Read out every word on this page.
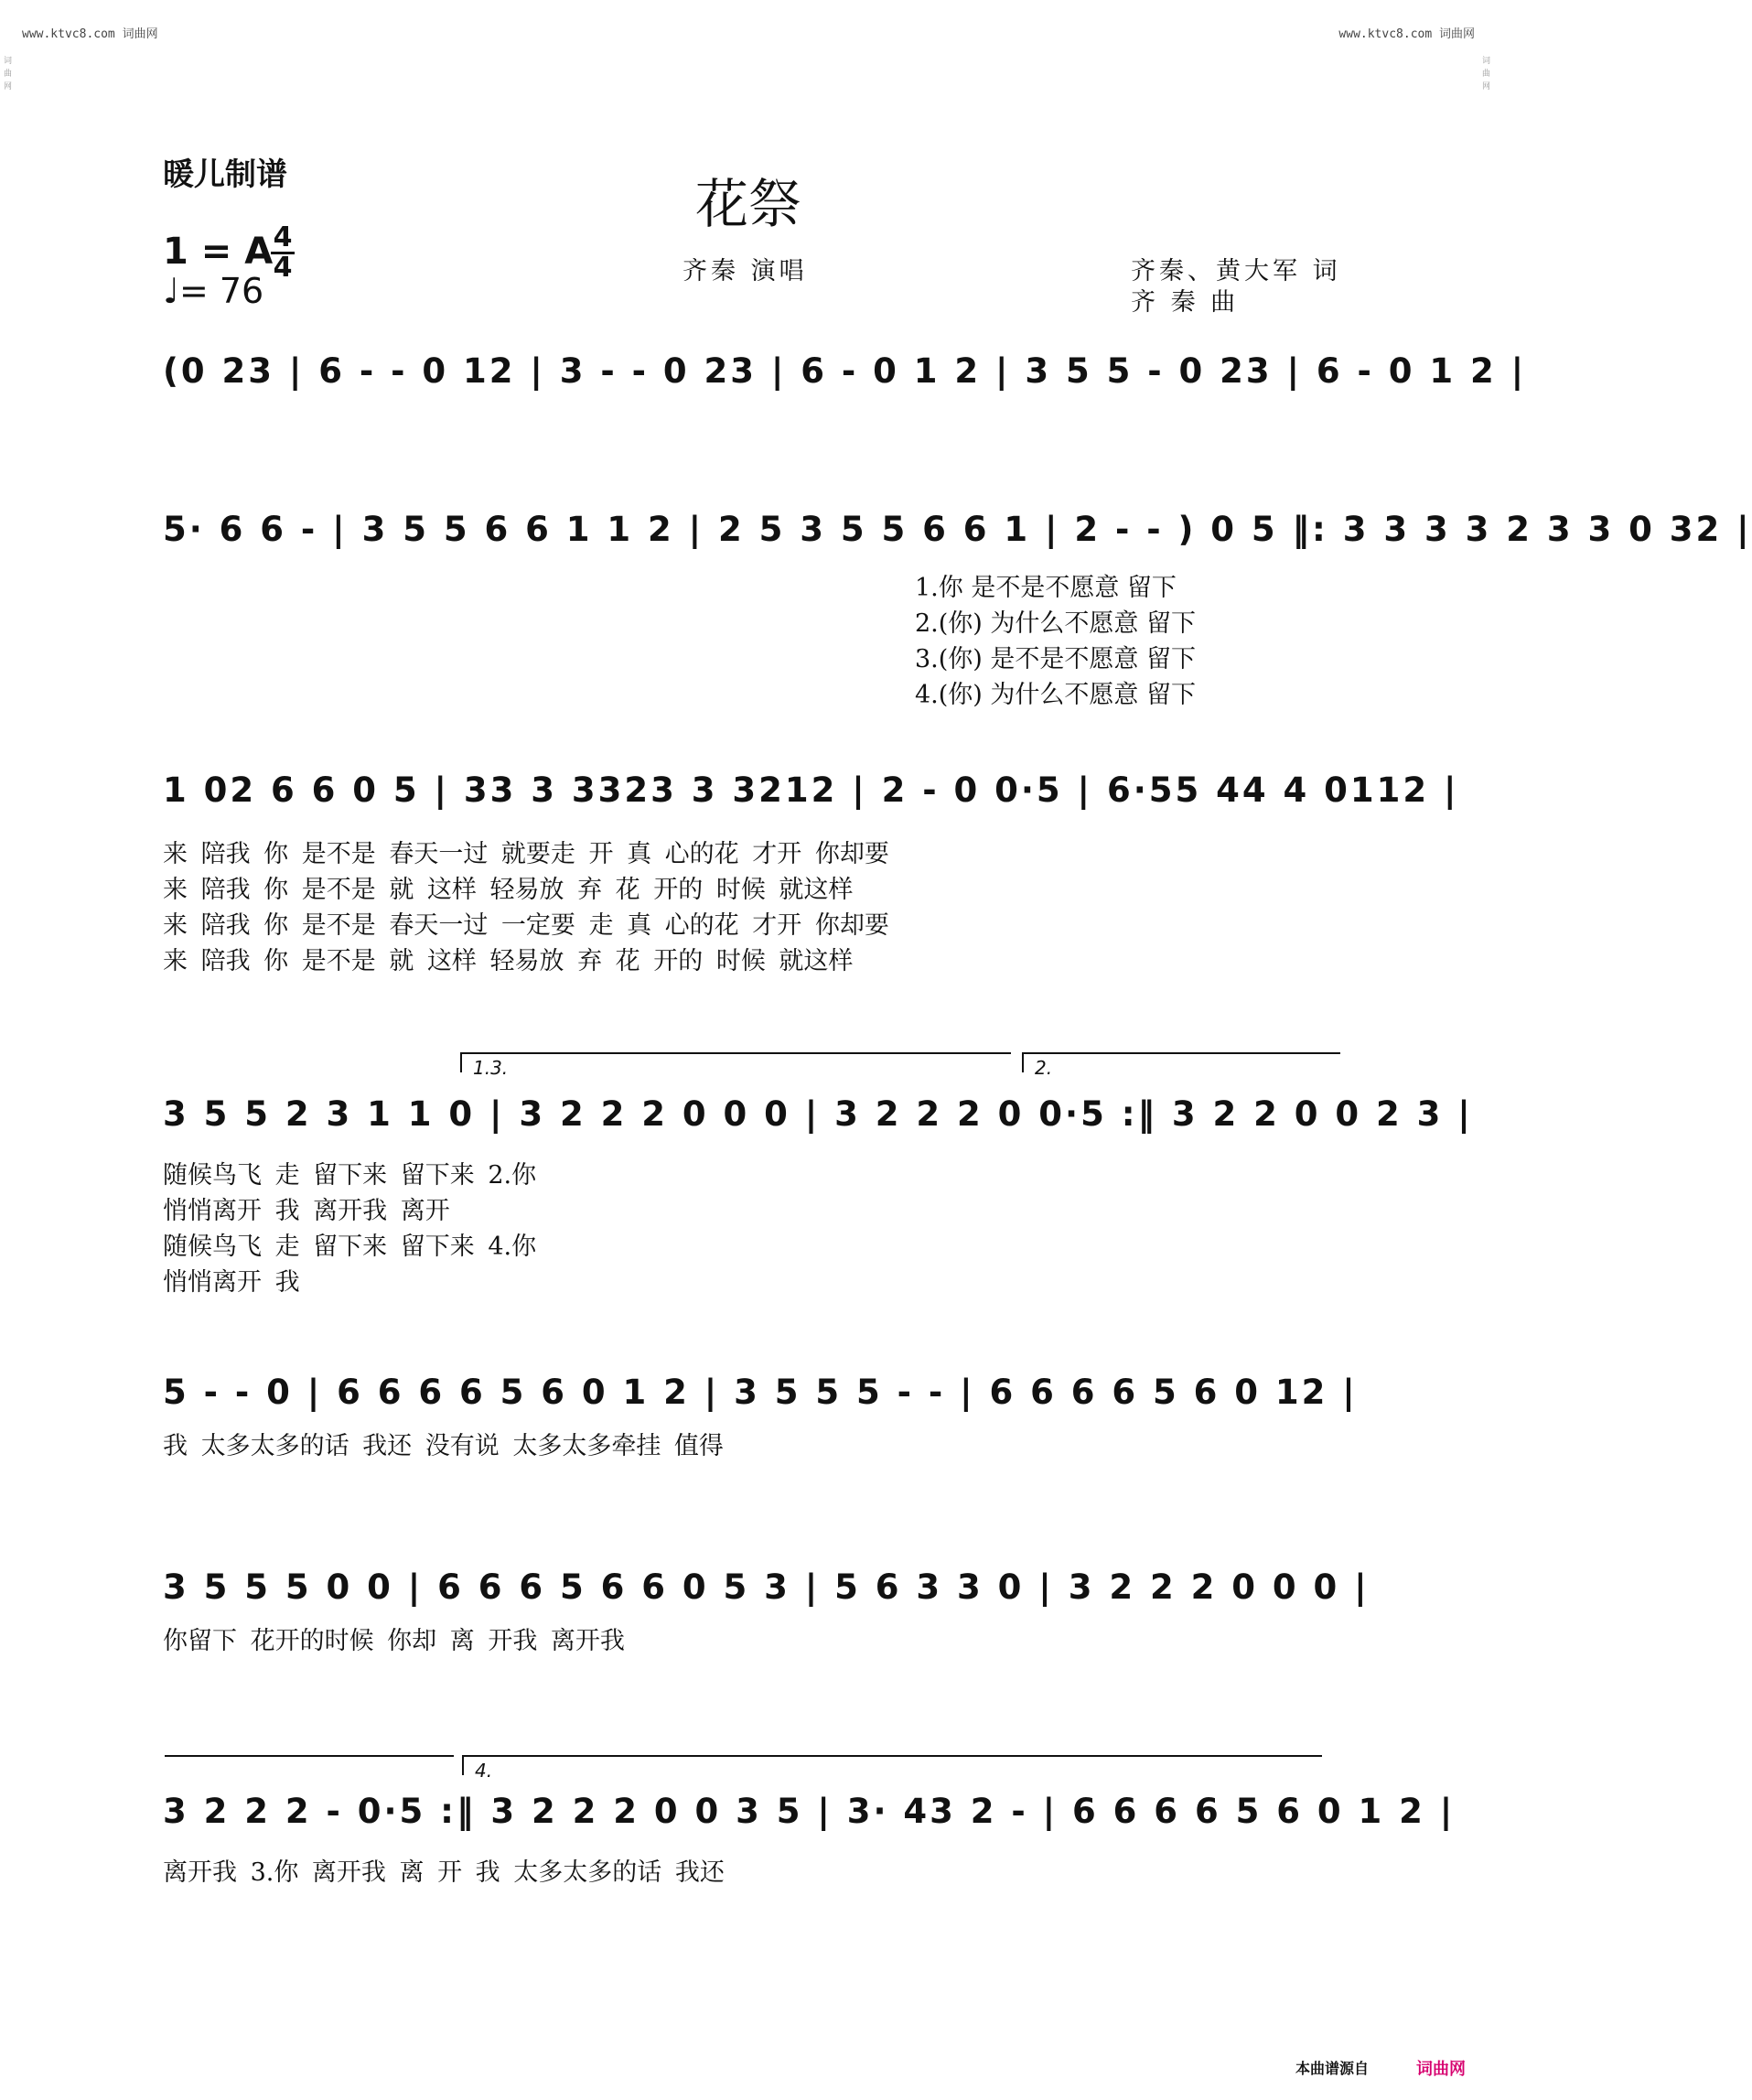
www.ktvc8.com 词曲网	www.ktvc8.com 词曲网
词曲网
词曲网
暖儿制谱	花祭
齐秦 演唱	齐秦、黄大军 词
齐 秦 曲
1 = A 4
4
♩= 76
(0 23 | 6 - - 0 12 | 3 - - 0 23 | 6 - 0 1 2 | 3 5 5 - 0 23 | 6 - 0 1 2 |
5· 6 6 - | 3 5 5 6 6 1 1 2 | 2 5 3 5 5 6 6 1 | 2 - - ) 0 5 ‖: 3 3 3 3 2 3 3 0 32 |
1.你 是不是不愿意 留下
2.(你) 为什么不愿意 留下
3.(你) 是不是不愿意 留下
4.(你) 为什么不愿意 留下
1 02 6 6 0 5 | 33 3 3323 3 3212 | 2 - 0 0·5 | 6·55 44 4 0112 |
来 陪我 你 是不是 春天一过 就要走 开 真 心的花 才开 你却要
来 陪我 你 是不是 就 这样 轻易放 弃 花 开的 时候 就这样
来 陪我 你 是不是 春天一过 一定要 走 真 心的花 才开 你却要
来 陪我 你 是不是 就 这样 轻易放 弃 花 开的 时候 就这样
1.3.	2.
3 5 5 2 3 1 1 0 | 3 2 2 2 0 0 0 | 3 2 2 2 0 0·5 :‖ 3 2 2 0 0 2 3 |
随候鸟飞 走 留下来 留下来 2.你
悄悄离开 我 离开我 离开
随候鸟飞 走 留下来 留下来 4.你
悄悄离开 我
5 - - 0 | 6 6 6 6 5 6 0 1 2 | 3 5 5 5 - - | 6 6 6 6 5 6 0 12 |
我 太多太多的话 我还 没有说 太多太多牵挂 值得
3 5 5 5 0 0 | 6 6 6 5 6 6 0 5 3 | 5 6 3 3 0 | 3 2 2 2 0 0 0 |
你留下 花开的时候 你却 离 开我 离开我
4.
3 2 2 2 - 0·5 :‖ 3 2 2 2 0 0 3 5 | 3· 43 2 - | 6 6 6 6 5 6 0 1 2 |
离开我 3.你 离开我 离 开 我 太多太多的话 我还
本曲谱源自	词曲网
